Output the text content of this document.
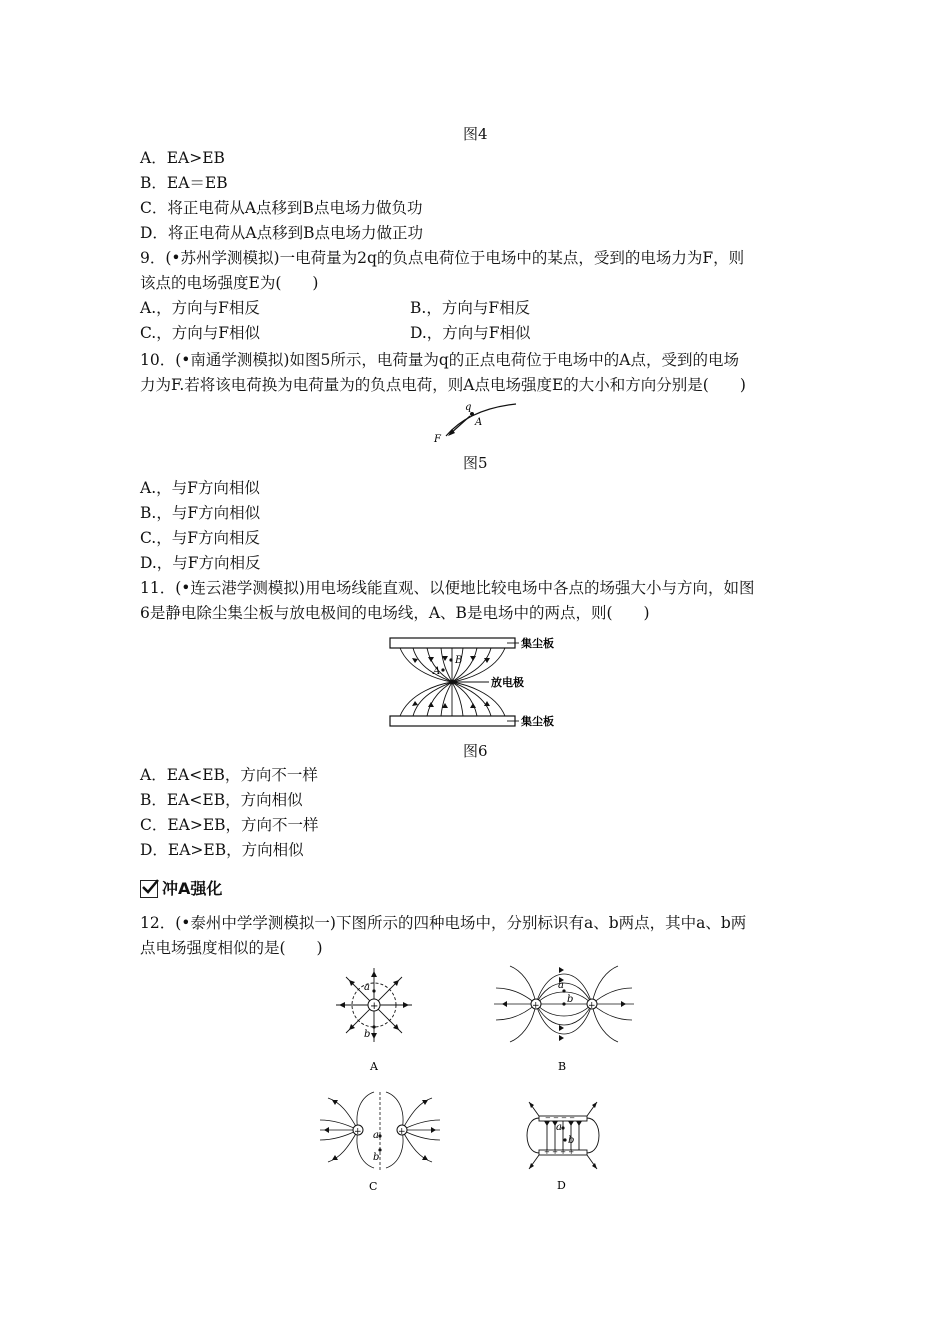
图4
A．EA>EB
B．EA＝EB
C．将正电荷从A点移到B点电场力做负功
D．将正电荷从A点移到B点电场力做正功
9．(•苏州学测模拟)一电荷量为2q的负点电荷位于电场中的某点，受到的电场力为F，则
该点的电场强度E为(　　)
A.，方向与F相反	B.，方向与F相反
C.，方向与F相似	D.，方向与F相似
10．(•南通学测模拟)如图5所示，电荷量为q的正点电荷位于电场中的A点，受到的电场
力为F.若将该电荷换为电荷量为的负点电荷，则A点电场强度E的大小和方向分别是(　　)
q
A
F
图5
A.，与F方向相似
B.，与F方向相似
C.，与F方向相反
D.，与F方向相反
11．(•连云港学测模拟)用电场线能直观、以便地比较电场中各点的场强大小与方向，如图
6是静电除尘集尘板与放电极间的电场线，A、B是电场中的两点，则(　　)
A
B
集尘板
放电极
集尘板
图6
A．EA<EB，方向不一样
B．EA<EB，方向相似
C．EA>EB，方向不一样
D．EA>EB，方向相似
冲A强化
12．(•泰州中学学测模拟一)下图所示的四种电场中，分别标识有a、b两点，其中a、b两
点电场强度相似的是(　　)
+
a
b
A
+	+
a
b
B
+	+
a
b
C
− − − −
+ + + +
a
b
D
